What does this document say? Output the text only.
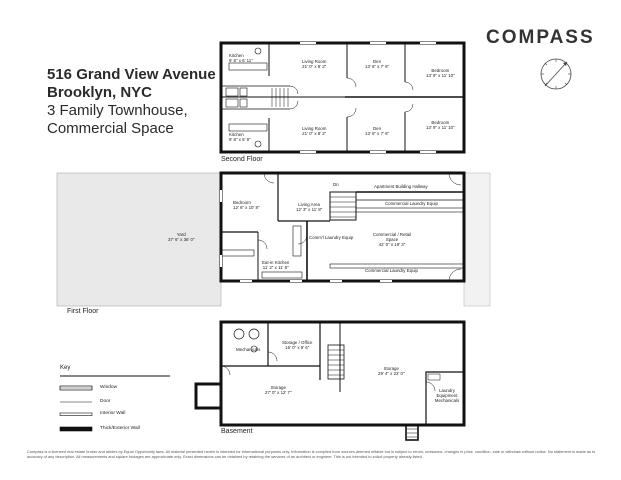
516 Grand View Avenue
Brooklyn, NYC
3 Family Townhouse,
Commercial Space
COMPASS
Second Floor
First Floor
Basement
Kitchen
9' 8" x 6' 11"	Living Room
21' 0" x 8' 2"
Den
13' 6" x 7' 6"
Bedroom
13' 9" x 11' 10"
Living Room
21' 0" x 8' 2"
Den
13' 6" x 7' 6"
Bedroom
13' 9" x 11' 10"
Kitchen
9' 8" x 6' 9"
Yard
37' 6" x 36' 0"
Bedroom
12' 6" x 10' 8"
Living Area
12' 3" x 11' 8"
Comm'l Laundry Equip
Eat-in Kitchen
11' 2" x 11' 8"
Apartment Building Hallway
Commercial Laundry Equip
Commercial / Retail Space
42' 0" x 19' 3"
Commercial Laundry Equip
Dn
Mechanicals
Storage / Office
16' 0" x 9' 6"
Storage
27' 0" x 12' 7"
Storage
29' 4" x 23' 0"
Laundry Equipment Mechanicals
Key
Window
Door
Interior Wall
Thick/Exterior Wall
Compass is a licensed real estate broker and abides by Equal Opportunity laws. All material presented herein is intended for informational purposes only. Information is compiled from sources deemed reliable but is subject to errors, omissions, changes in price, condition, sale or withdraw without notice. No statement is made as to accuracy of any description. All measurements and square footages are approximate only. Exact dimensions can be obtained by retaining the services of an architect or engineer. This is not intended to solicit property already listed.
